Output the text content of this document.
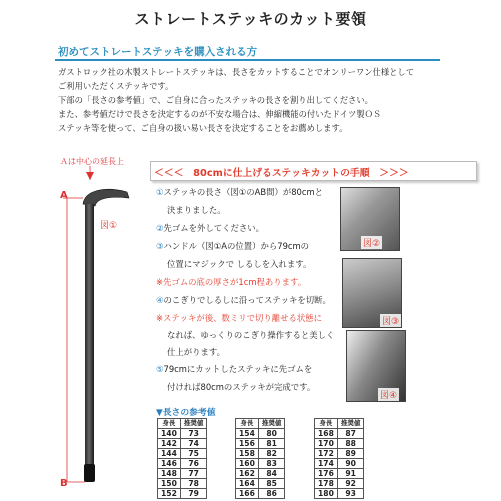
ストレートステッキのカット要領
初めてストレートステッキを購入される方
ガストロック社の木製ストレートステッキは、長さをカットすることでオンリーワン仕様として
ご利用いただくステッキです。
下部の「長さの参考値」で、ご自身に合ったステッキの長さを割り出してください。
また、参考値だけで長さを決定するのが不安な場合は、伸縮機能の付いたドイツ製ＯＳ
ステッキ等を使って、ご自身の扱い易い長さを決定することをお薦めします。
Ａは中心の延長上
A
B
図①
＜＜＜　80cmに仕上げるステッキカットの手順　＞＞＞
①ステッキの長さ（図①のAB間）が80cmと
決まりました。
②先ゴムを外してください。
③ハンドル（図①Aの位置）から79cmの
位置にマジックで しるしを入れます。
※先ゴムの底の厚さが1cm程あります。
④のこぎりでしるしに沿ってステッキを切断。
※ステッキが後、数ミリで切り離せる状態に
なれば、ゆっくりのこぎり操作すると美しく
仕上がります。
⑤79cmにカットしたステッキに先ゴムを
付ければ80cmのステッキが完成です。
図②
図③
図④
▼長さの参考値
身長	推奨値
140	73
142	74
144	75
146	76
148	77
150	78
152	79
身長	推奨値
154	80
156	81
158	82
160	83
162	84
164	85
166	86
身長	推奨値
168	87
170	88
172	89
174	90
176	91
178	92
180	93
